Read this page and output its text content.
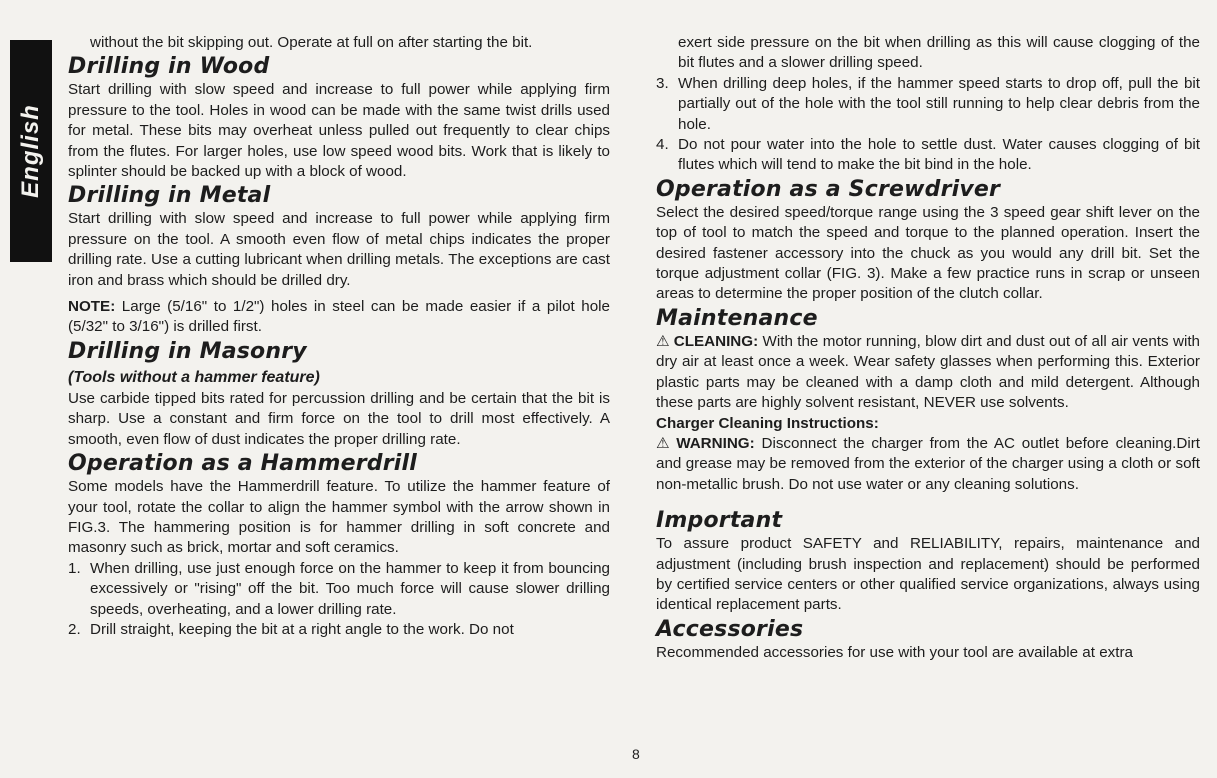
English

without the bit skipping out. Operate at full on after starting the bit.

Drilling in Wood

Start drilling with slow speed and increase to full power while applying firm pressure to the tool. Holes in wood can be made with the same twist drills used for metal. These bits may overheat unless pulled out frequently to clear chips from the flutes. For larger holes, use low speed wood bits. Work that is likely to splinter should be backed up with a block of wood.

Drilling in Metal

Start drilling with slow speed and increase to full power while applying firm pressure on the tool. A smooth even flow of metal chips indicates the proper drilling rate. Use a cutting lubricant when drilling metals. The exceptions are cast iron and brass which should be drilled dry.

NOTE: Large (5/16" to 1/2") holes in steel can be made easier if a pilot hole (5/32" to 3/16") is drilled first.

Drilling in Masonry
(Tools without a hammer feature)

Use carbide tipped bits rated for percussion drilling and be certain that the bit is sharp. Use a constant and firm force on the tool to drill most effectively. A smooth, even flow of dust indicates the proper drilling rate.

Operation as a Hammerdrill

Some models have the Hammerdrill feature. To utilize the hammer feature of your tool, rotate the collar to align the hammer symbol with the arrow shown in FIG.3. The hammering position is for hammer drilling in soft concrete and masonry such as brick, mortar and soft ceramics.

1. When drilling, use just enough force on the hammer to keep it from bouncing excessively or "rising" off the bit. Too much force will cause slower drilling speeds, overheating, and a lower drilling rate.
2. Drill straight, keeping the bit at a right angle to the work. Do not

exert side pressure on the bit when drilling as this will cause clogging of the bit flutes and a slower drilling speed.

3. When drilling deep holes, if the hammer speed starts to drop off, pull the bit partially out of the hole with the tool still running to help clear debris from the hole.
4. Do not pour water into the hole to settle dust. Water causes clogging of bit flutes which will tend to make the bit bind in the hole.
Operation as a Screwdriver

Select the desired speed/torque range using the 3 speed gear shift lever on the top of tool to match the speed and torque to the planned operation. Insert the desired fastener accessory into the chuck as you would any drill bit. Set the torque adjustment collar (FIG. 3). Make a few practice runs in scrap or unseen areas to determine the proper position of the clutch collar.

Maintenance

⚠ CLEANING: With the motor running, blow dirt and dust out of all air vents with dry air at least once a week. Wear safety glasses when performing this. Exterior plastic parts may be cleaned with a damp cloth and mild detergent. Although these parts are highly solvent resistant, NEVER use solvents.

Charger Cleaning Instructions:

⚠ WARNING: Disconnect the charger from the AC outlet before cleaning.Dirt and grease may be removed from the exterior of the charger using a cloth or soft non-metallic brush. Do not use water or any cleaning solutions.

Important

To assure product SAFETY and RELIABILITY, repairs, maintenance and adjustment (including brush inspection and replacement) should be performed by certified service centers or other qualified service organizations, always using identical replacement parts.

Accessories

Recommended accessories for use with your tool are available at extra

8
